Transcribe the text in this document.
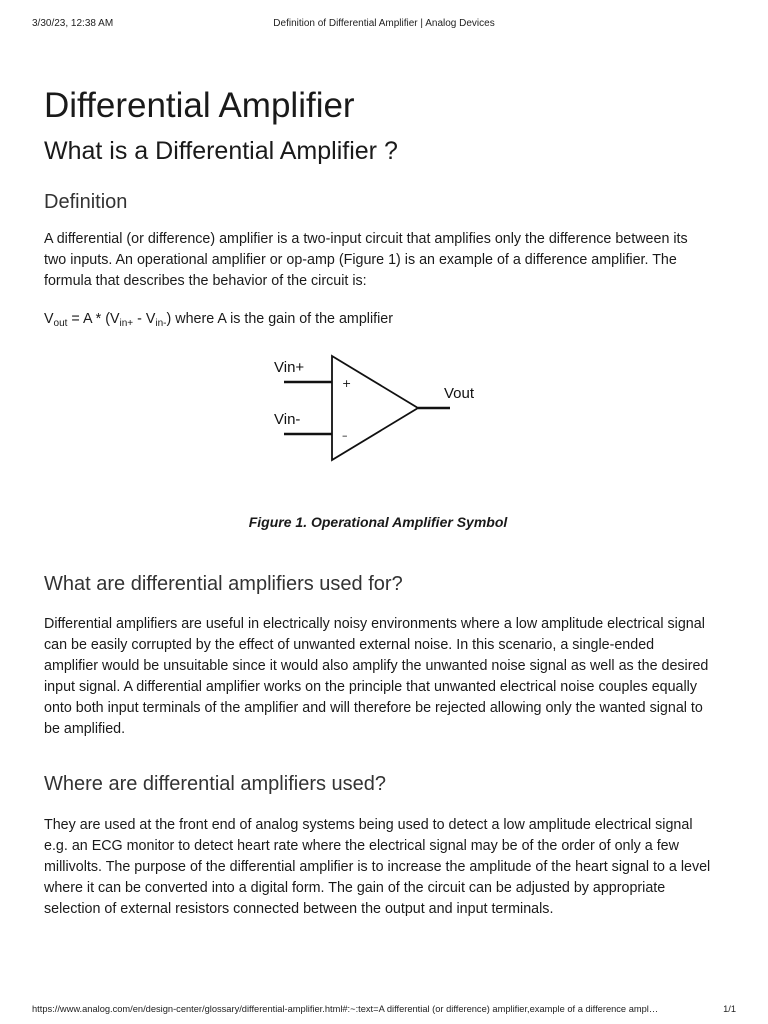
3/30/23, 12:38 AM	Definition of Differential Amplifier | Analog Devices
Differential Amplifier
What is a Differential Amplifier ?
Definition

A differential (or difference) amplifier is a two-input circuit that amplifies only the difference between its two inputs. An operational amplifier or op-amp (Figure 1) is an example of a difference amplifier. The formula that describes the behavior of the circuit is:

$V_{out} = A * (V_{in+} - V_{in-})$ where A is the gain of the amplifier

+
–
Vin+
Vin-
Vout
Figure 1. Operational Amplifier Symbol
What are differential amplifiers used for?

Differential amplifiers are useful in electrically noisy environments where a low amplitude electrical signal can be easily corrupted by the effect of unwanted external noise. In this scenario, a single-ended amplifier would be unsuitable since it would also amplify the unwanted noise signal as well as the desired input signal. A differential amplifier works on the principle that unwanted electrical noise couples equally onto both input terminals of the amplifier and will therefore be rejected allowing only the wanted signal to be amplified.

Where are differential amplifiers used?

They are used at the front end of analog systems being used to detect a low amplitude electrical signal e.g. an ECG monitor to detect heart rate where the electrical signal may be of the order of only a few millivolts. The purpose of the differential amplifier is to increase the amplitude of the heart signal to a level where it can be converted into a digital form. The gain of the circuit can be adjusted by appropriate selection of external resistors connected between the output and input terminals.

https://www.analog.com/en/design-center/glossary/differential-amplifier.html#:~:text=A differential (or difference) amplifier,example of a difference ampl…	1/1
